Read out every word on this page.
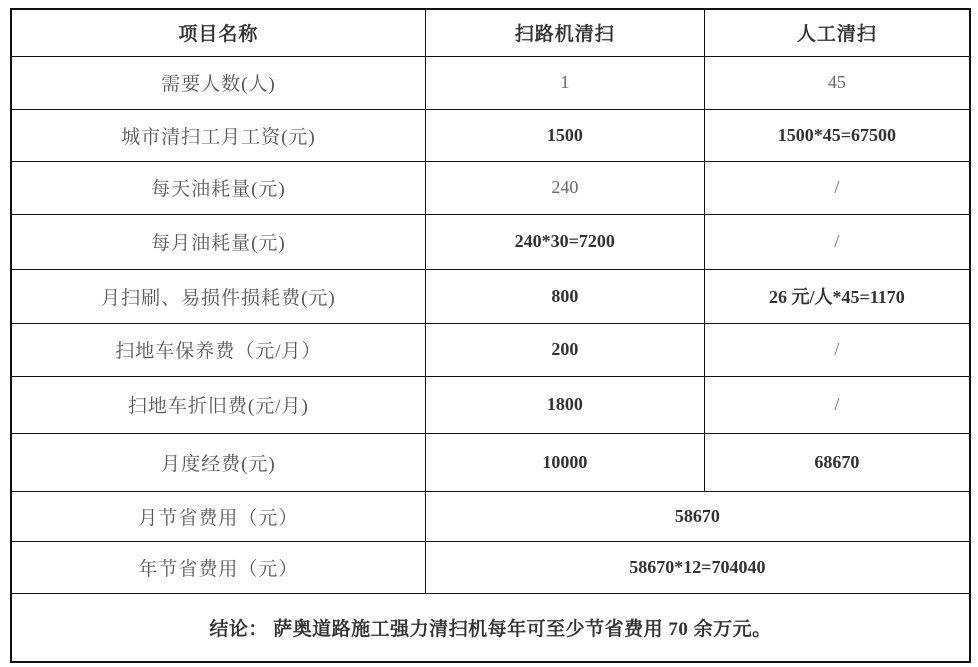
项目名称	扫路机清扫	人工清扫
需要人数(人)	1	45
城市清扫工月工资(元)	1500	1500*45=67500
每天油耗量(元)	240	/
每月油耗量(元)	240*30=7200	/
月扫刷、易损件损耗费(元)	800	26 元/人*45=1170
扫地车保养费（元/月）	200	/
扫地车折旧费(元/月)	1800	/
月度经费(元)	10000	68670
月节省费用（元）	58670	
年节省费用（元）	58670*12=704040	
结论： 萨奥道路施工强力清扫机每年可至少节省费用 70 余万元。		
